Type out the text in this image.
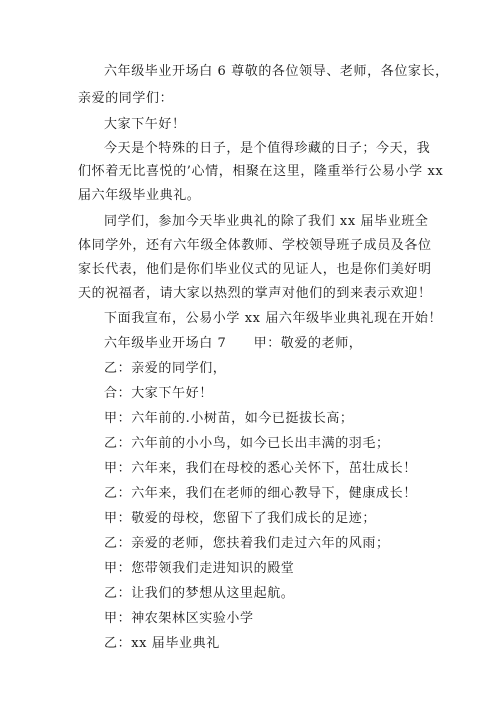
六年级毕业开场白 6 尊敬的各位领导、老师，各位家长，
亲爱的同学们：
大家下午好！
今天是个特殊的日子，是个值得珍藏的日子；今天，我
们怀着无比喜悦的’心情，相聚在这里，隆重举行公易小学 xx
届六年级毕业典礼。
同学们，参加今天毕业典礼的除了我们 xx 届毕业班全
体同学外，还有六年级全体教师、学校领导班子成员及各位
家长代表，他们是你们毕业仪式的见证人，也是你们美好明
天的祝福者，请大家以热烈的掌声对他们的到来表示欢迎！
下面我宣布，公易小学 xx 届六年级毕业典礼现在开始！
六年级毕业开场白 7　　甲：敬爱的老师，
乙：亲爱的同学们，
合：大家下午好！
甲：六年前的.小树苗，如今已挺拔长高；
乙：六年前的小小鸟，如今已长出丰满的羽毛；
甲：六年来，我们在母校的悉心关怀下，茁壮成长！
乙：六年来，我们在老师的细心教导下，健康成长！
甲：敬爱的母校，您留下了我们成长的足迹；
乙：亲爱的老师，您扶着我们走过六年的风雨；
甲：您带领我们走进知识的殿堂
乙：让我们的梦想从这里起航。
甲：神农架林区实验小学
乙：xx 届毕业典礼
